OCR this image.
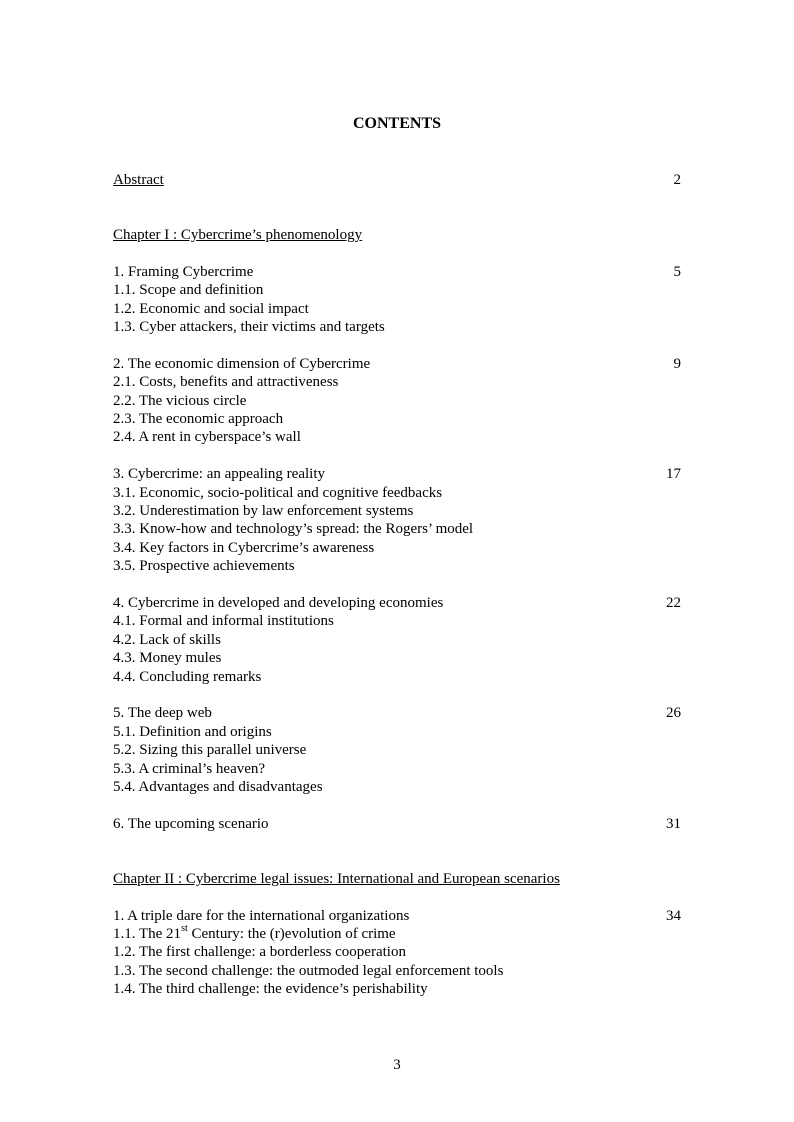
CONTENTS
Abstract	2
Chapter I : Cybercrime’s phenomenology
1. Framing Cybercrime	5
1.1. Scope and definition
1.2. Economic and social impact
1.3. Cyber attackers, their victims and targets
2. The economic dimension of Cybercrime	9
2.1. Costs, benefits and attractiveness
2.2. The vicious circle
2.3. The economic approach
2.4. A rent in cyberspace’s wall
3. Cybercrime: an appealing reality	17
3.1. Economic, socio-political and cognitive feedbacks
3.2. Underestimation by law enforcement systems
3.3. Know-how and technology’s spread: the Rogers’ model
3.4. Key factors in Cybercrime’s awareness
3.5. Prospective achievements
4. Cybercrime in developed and developing economies	22
4.1. Formal and informal institutions
4.2. Lack of skills
4.3. Money mules
4.4. Concluding remarks
5. The deep web	26
5.1. Definition and origins
5.2. Sizing this parallel universe
5.3. A criminal’s heaven?
5.4. Advantages and disadvantages
6. The upcoming scenario	31
Chapter II : Cybercrime legal issues: International and European scenarios
1. A triple dare for the international organizations	34
1.1. The 21st Century: the (r)evolution of crime
1.2. The first challenge: a borderless cooperation
1.3. The second challenge: the outmoded legal enforcement tools
1.4. The third challenge: the evidence’s perishability
3
